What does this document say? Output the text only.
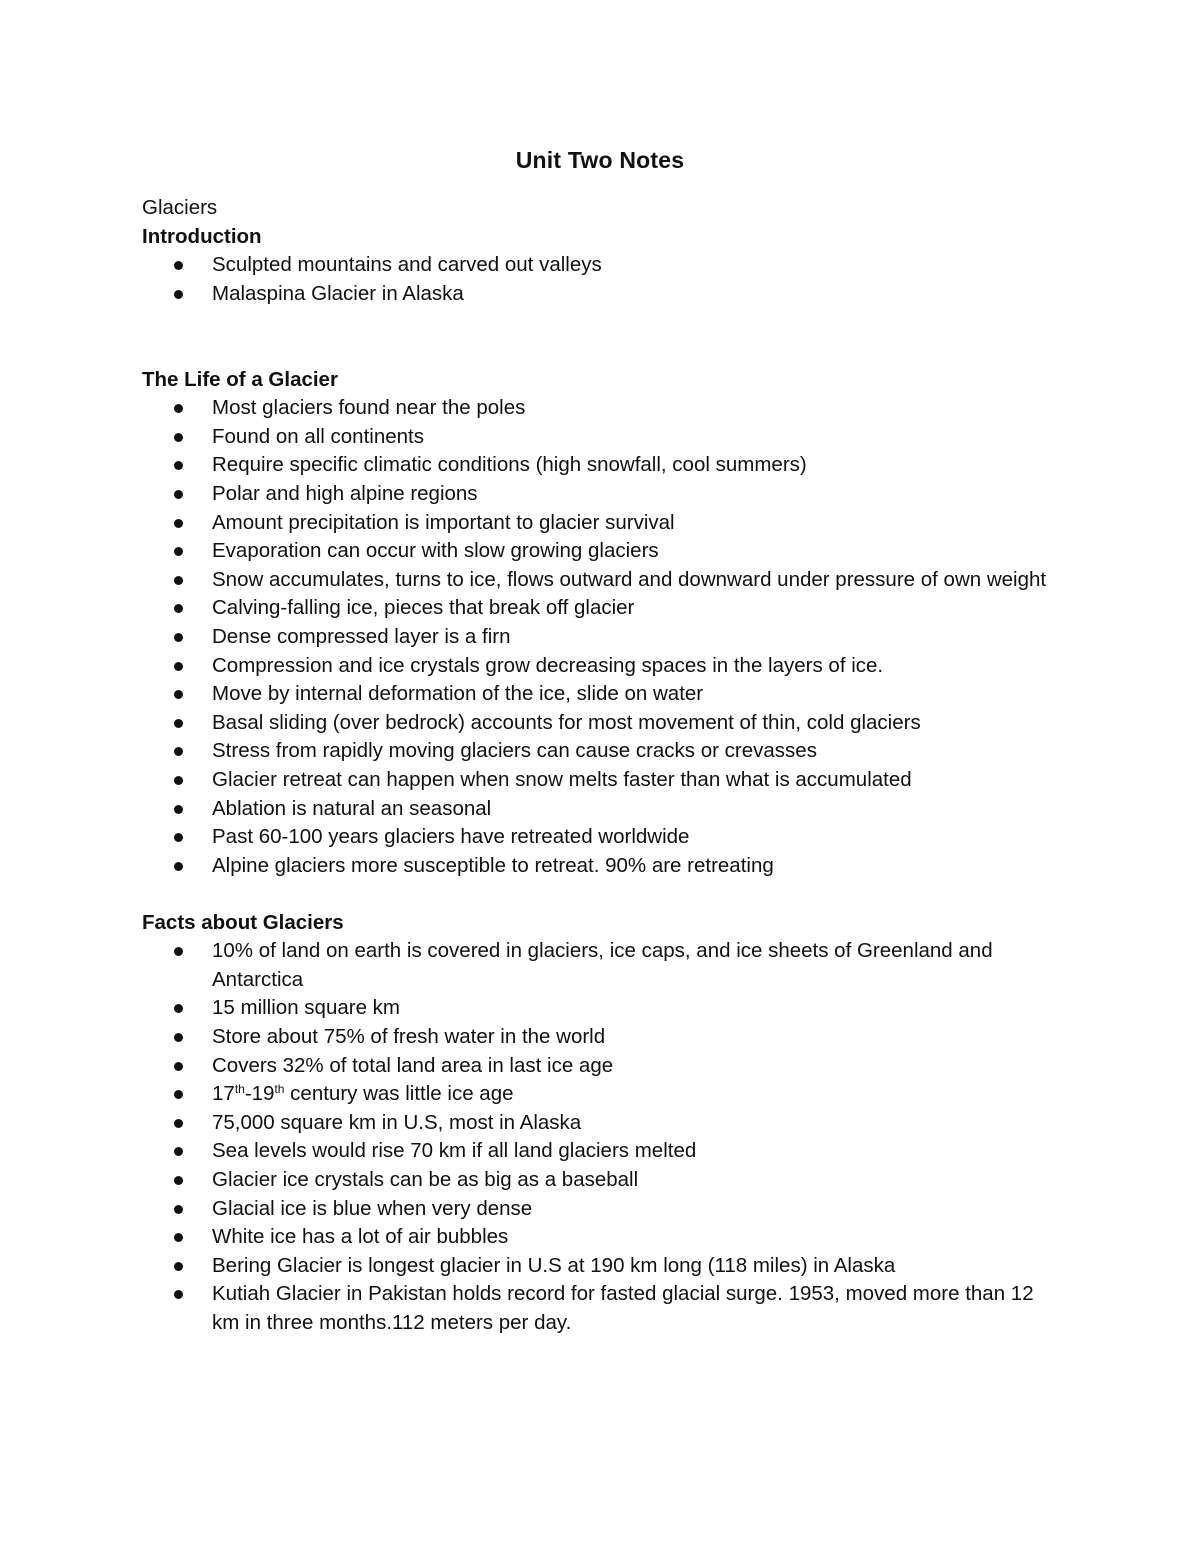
Unit Two Notes
Glaciers
Introduction
Sculpted mountains and carved out valleys
Malaspina Glacier in Alaska
The Life of a Glacier
Most glaciers found near the poles
Found on all continents
Require specific climatic conditions (high snowfall, cool summers)
Polar and high alpine regions
Amount precipitation is important to glacier survival
Evaporation can occur with slow growing glaciers
Snow accumulates, turns to ice, flows outward and downward under pressure of own weight
Calving-falling ice, pieces that break off glacier
Dense compressed layer is a firn
Compression and ice crystals grow decreasing spaces in the layers of ice.
Move by internal deformation of the ice, slide on water
Basal sliding (over bedrock) accounts for most movement of thin, cold glaciers
Stress from rapidly moving glaciers can cause cracks or crevasses
Glacier retreat can happen when snow melts faster than what is accumulated
Ablation is natural an seasonal
Past 60-100 years glaciers have retreated worldwide
Alpine glaciers more susceptible to retreat. 90% are retreating
Facts about Glaciers
10% of land on earth is covered in glaciers, ice caps, and ice sheets of Greenland and Antarctica
15 million square km
Store about 75% of fresh water in the world
Covers 32% of total land area in last ice age
17th-19th century was little ice age
75,000 square km in U.S, most in Alaska
Sea levels would rise 70 km if all land glaciers melted
Glacier ice crystals can be as big as a baseball
Glacial ice is blue when very dense
White ice has a lot of air bubbles
Bering Glacier is longest glacier in U.S at 190 km long (118 miles) in Alaska
Kutiah Glacier in Pakistan holds record for fasted glacial surge. 1953, moved more than 12 km in three months.112 meters per day.
